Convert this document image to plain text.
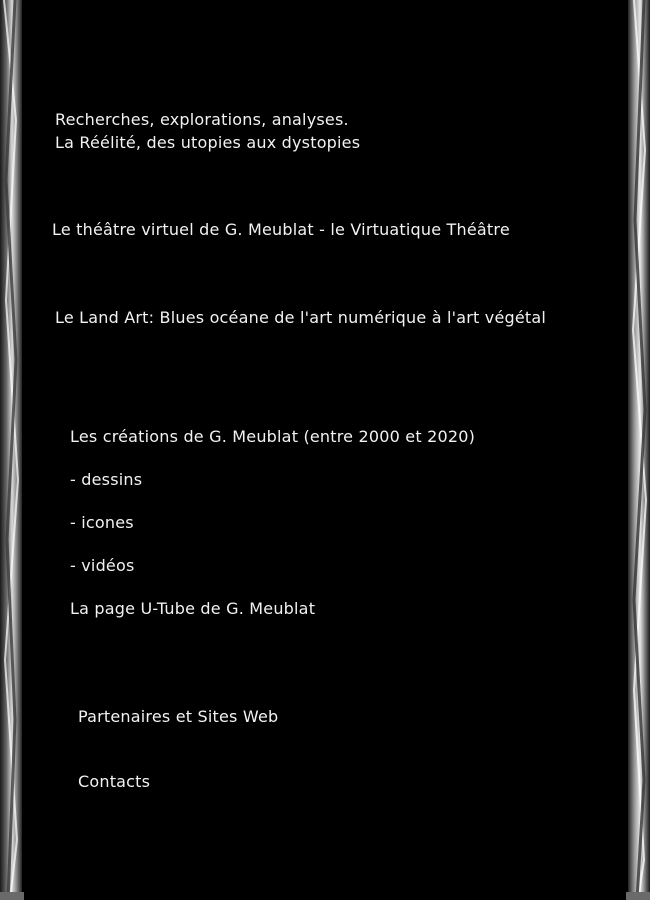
Recherches, explorations, analyses.
La Réélité, des utopies aux dystopies
Le théâtre virtuel de G. Meublat - le Virtuatique Théâtre
Le Land Art: Blues océane de l'art numérique à l'art végétal
Les créations de G. Meublat (entre 2000 et 2020)
- dessins
- icones
- vidéos
La page U-Tube de G. Meublat
Partenaires et Sites Web
Contacts
